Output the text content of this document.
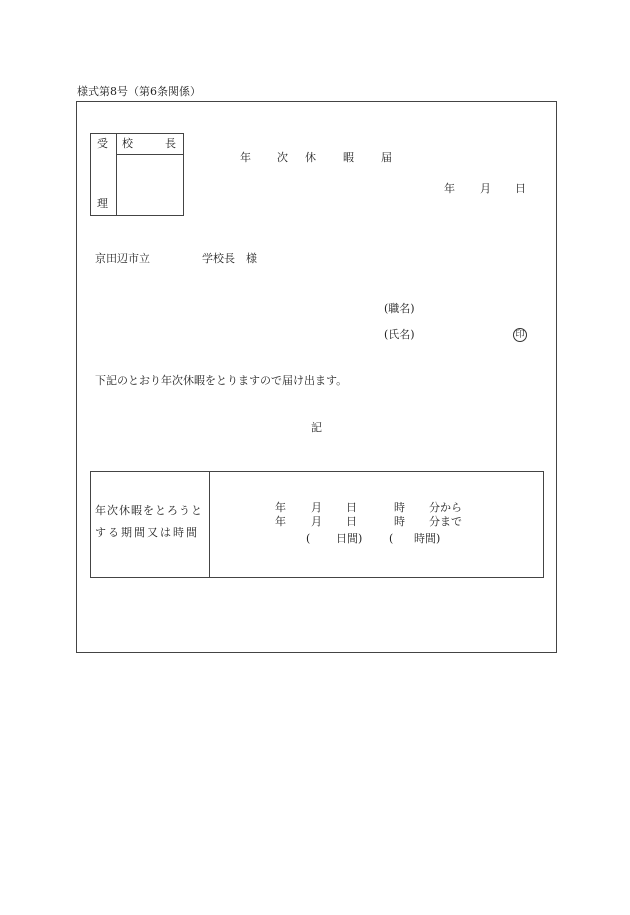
様式第8号（第6条関係）
受
理
校	長
年 次 休 暇 届
年 月 日
京田辺市立	学校長　様
(職名)
(氏名)	印
下記のとおり年次休暇をとりますので届け出ます。
記
年次休暇をとろうと
する期間又は時間
年 月 日	時 分から
年 月 日	時 分まで
( 日間) ( 時間)
